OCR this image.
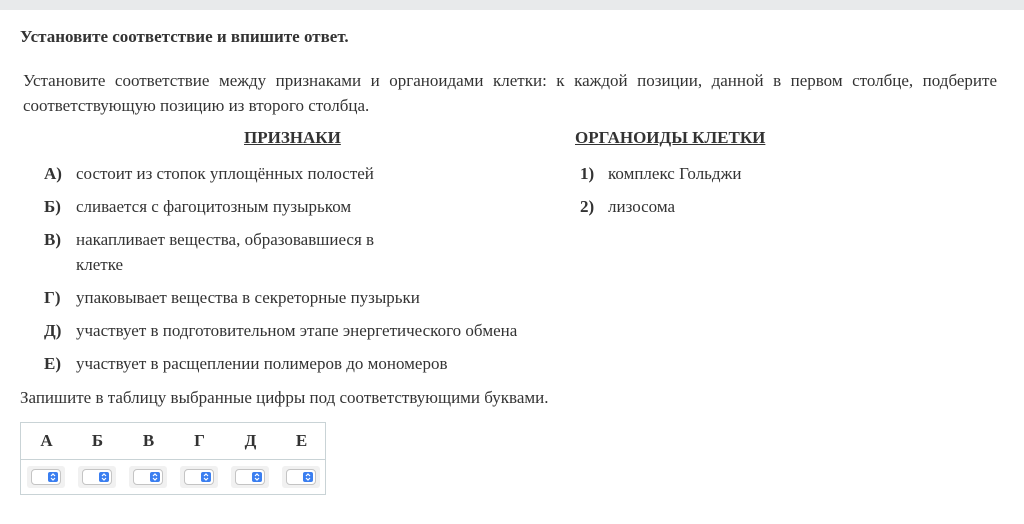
Установите соответствие и впишите ответ.
Установите соответствие между признаками и органоидами клетки: к каждой позиции, данной в первом столбце, подберите соответствующую позицию из второго столбца.
ПРИЗНАКИ	ОРГАНОИДЫ КЛЕТКИ
А) состоит из стопок уплощённых полостей
Б) сливается с фагоцитозным пузырьком
В) накапливает вещества, образовавшиеся в клетке
Г) упаковывает вещества в секреторные пузырьки
Д) участвует в подготовительном этапе энергетического обмена
Е) участвует в расщеплении полимеров до мономеров
1) комплекс Гольджи
2) лизосома
Запишите в таблицу выбранные цифры под соответствующими буквами.
А	Б	В	Г	Д	Е
